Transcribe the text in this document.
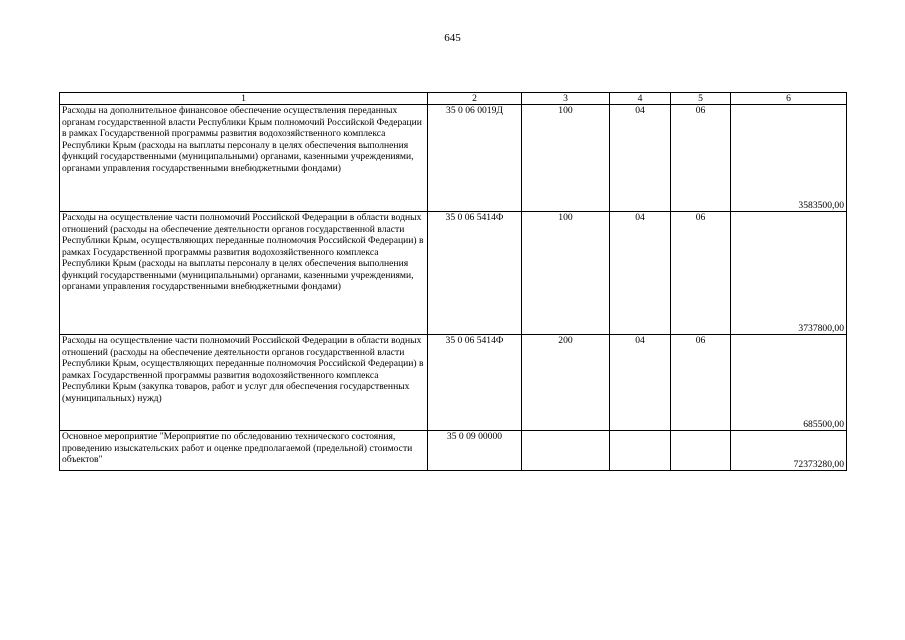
645
1	2	3	4	5	6
Расходы на дополнительное финансовое обеспечение осуществления переданных органам государственной власти Республики Крым полномочий Российской Федерации в рамках Государственной программы развития водохозяйственного комплекса Республики Крым (расходы на выплаты персоналу в целях обеспечения выполнения функций государственными (муниципальными) органами, казенными учреждениями, органами управления государственными внебюджетными фондами)	35 0 06 0019Д	100	04	06	3583500,00
Расходы на осуществление части полномочий Российской Федерации в области водных отношений (расходы на обеспечение деятельности органов государственной власти Республики Крым, осуществляющих переданные полномочия Российской Федерации) в рамках Государственной программы развития водохозяйственного комплекса Республики Крым (расходы на выплаты персоналу в целях обеспечения выполнения функций государственными (муниципальными) органами, казенными учреждениями, органами управления государственными внебюджетными фондами)	35 0 06 5414Ф	100	04	06	3737800,00
Расходы на осуществление части полномочий Российской Федерации в области водных отношений (расходы на обеспечение деятельности органов государственной власти Республики Крым, осуществляющих переданные полномочия Российской Федерации) в рамках Государственной программы развития водохозяйственного комплекса Республики Крым (закупка товаров, работ и услуг для обеспечения государственных (муниципальных) нужд)	35 0 06 5414Ф	200	04	06	685500,00
Основное мероприятие "Мероприятие по обследованию технического состояния, проведению изыскательских работ и оценке предполагаемой (предельной) стоимости объектов"	35 0 09 00000				72373280,00
